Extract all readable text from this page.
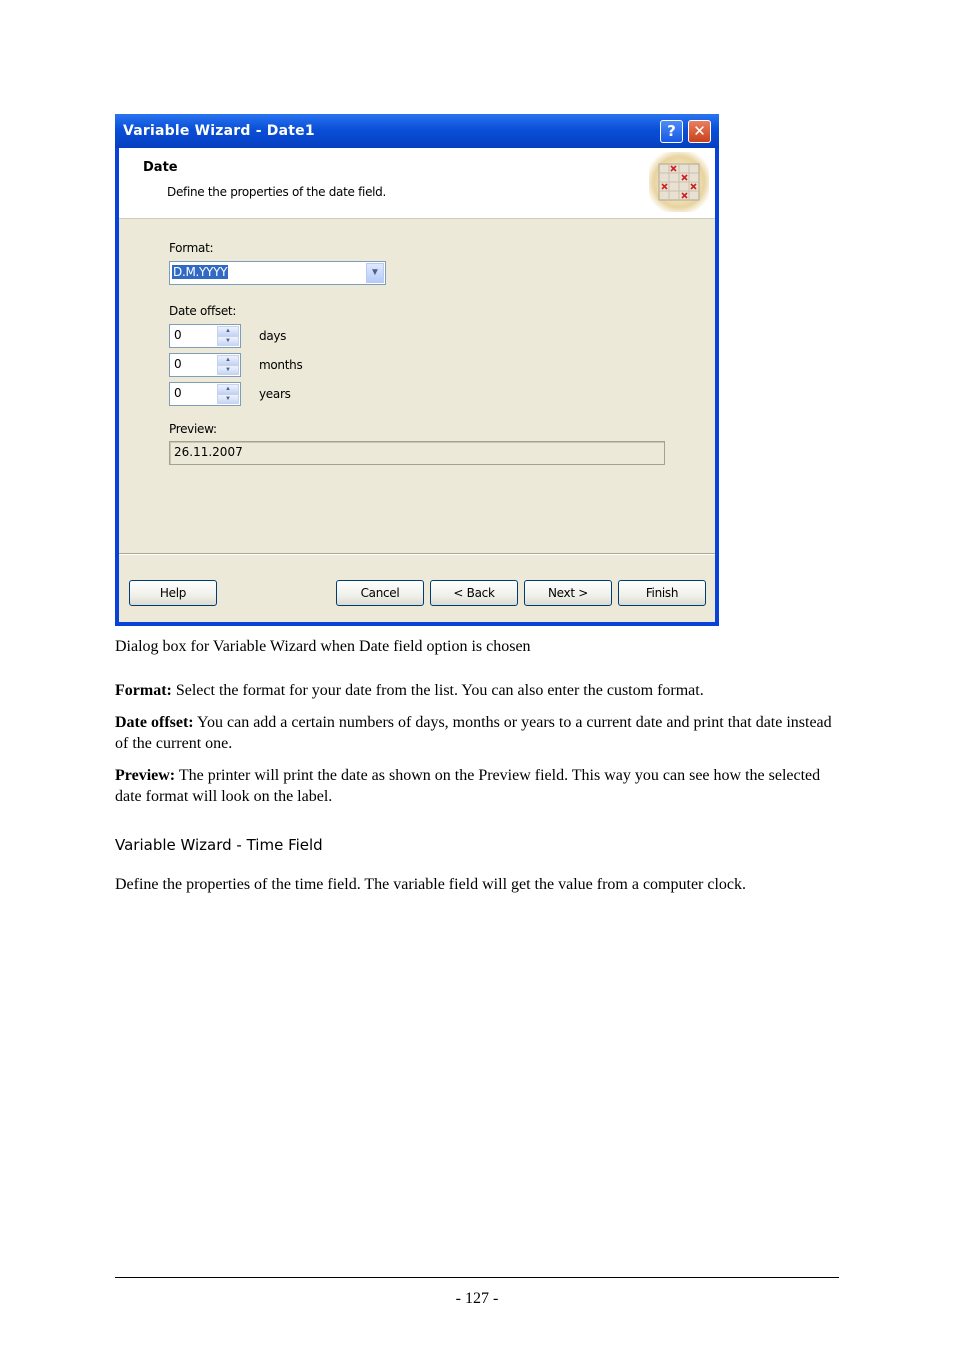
Variable Wizard - Date1	?	✕
Date
Define the properties of the date field.
Format:
D.M.YYYY	▼
Date offset:
0	▲
▼	days
0	▲
▼	months
0	▲
▼	years
Preview:
26.11.2007
Help	Cancel	< Back	Next >	Finish
Dialog box for Variable Wizard when Date field option is chosen
Format: Select the format for your date from the list. You can also enter the custom format.
Date offset: You can add a certain numbers of days, months or years to a current date and print that date instead of the current one.
Preview: The printer will print the date as shown on the Preview field. This way you can see how the selected date format will look on the label.
Variable Wizard - Time Field
Define the properties of the time field. The variable field will get the value from a computer clock.
- 127 -
